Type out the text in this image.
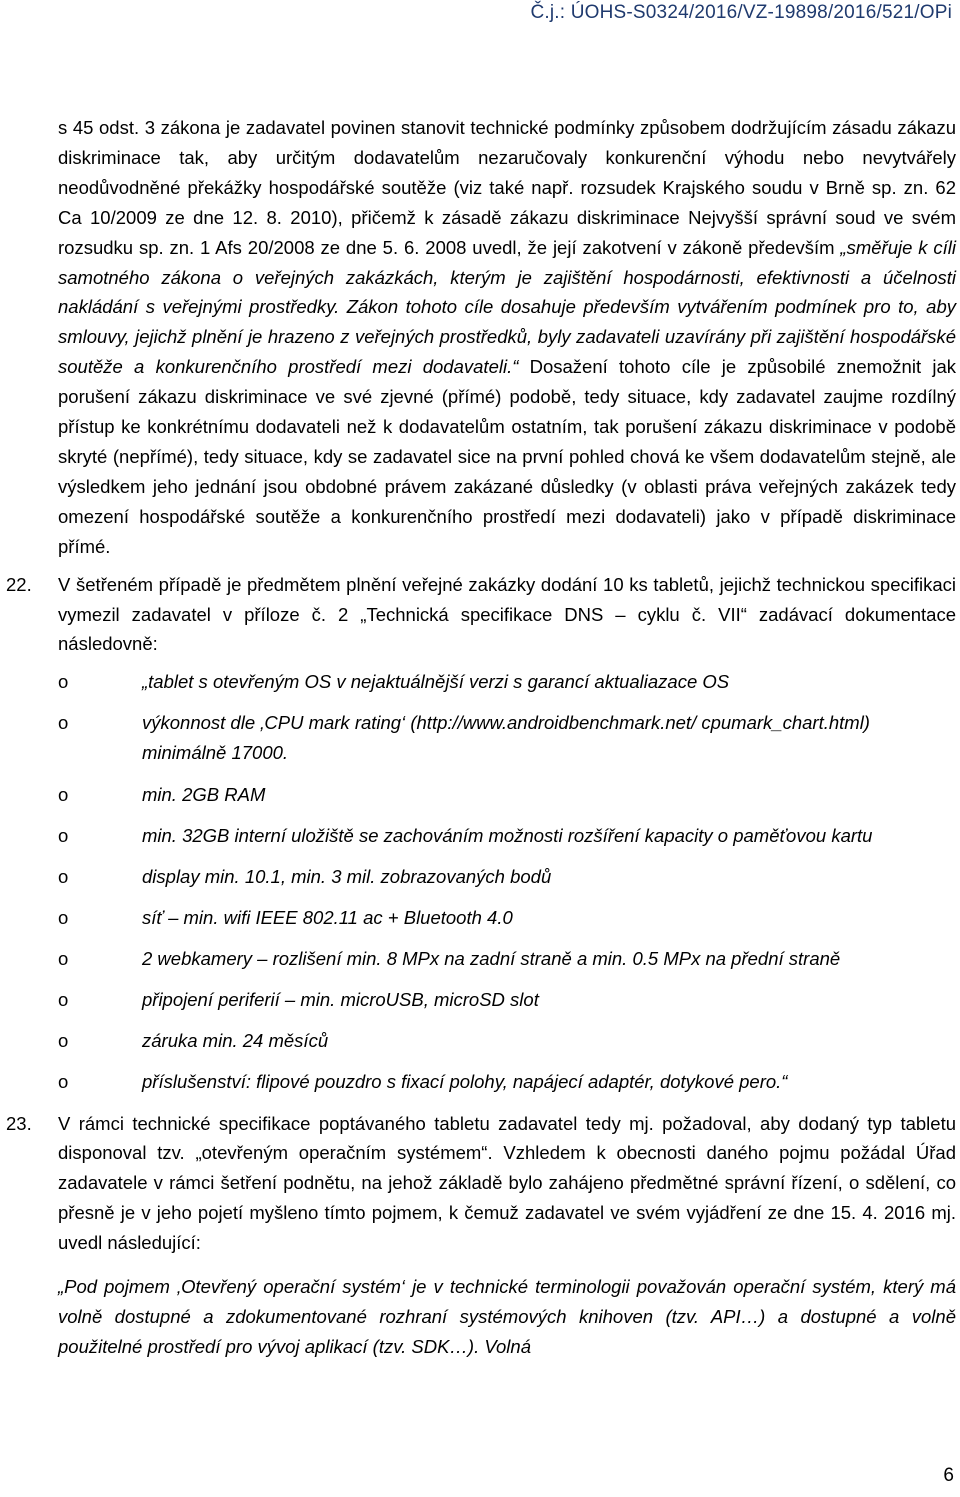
Č.j.: ÚOHS-S0324/2016/VZ-19898/2016/521/OPi

s 45 odst. 3 zákona je zadavatel povinen stanovit technické podmínky způsobem dodržujícím zásadu zákazu diskriminace tak, aby určitým dodavatelům nezaručovaly konkurenční výhodu nebo nevytvářely neodůvodněné překážky hospodářské soutěže (viz také např. rozsudek Krajského soudu v Brně sp. zn. 62 Ca 10/2009 ze dne 12. 8. 2010), přičemž k zásadě zákazu diskriminace Nejvyšší správní soud ve svém rozsudku sp. zn. 1 Afs 20/2008 ze dne 5. 6. 2008 uvedl, že její zakotvení v zákoně především „směřuje k cíli samotného zákona o veřejných zakázkách, kterým je zajištění hospodárnosti, efektivnosti a účelnosti nakládání s veřejnými prostředky. Zákon tohoto cíle dosahuje především vytvářením podmínek pro to, aby smlouvy, jejichž plnění je hrazeno z veřejných prostředků, byly zadavateli uzavírány při zajištění hospodářské soutěže a konkurenčního prostředí mezi dodavateli.“ Dosažení tohoto cíle je způsobilé znemožnit jak porušení zákazu diskriminace ve své zjevné (přímé) podobě, tedy situace, kdy zadavatel zaujme rozdílný přístup ke konkrétnímu dodavateli než k dodavatelům ostatním, tak porušení zákazu diskriminace v podobě skryté (nepřímé), tedy situace, kdy se zadavatel sice na první pohled chová ke všem dodavatelům stejně, ale výsledkem jeho jednání jsou obdobné právem zakázané důsledky (v oblasti práva veřejných zakázek tedy omezení hospodářské soutěže a konkurenčního prostředí mezi dodavateli) jako v případě diskriminace přímé.

22. V šetřeném případě je předmětem plnění veřejné zakázky dodání 10 ks tabletů, jejichž technickou specifikaci vymezil zadavatel v příloze č. 2 „Technická specifikace DNS – cyklu č. VII“ zadávací dokumentace následovně:
o	„tablet s otevřeným OS v nejaktuálnější verzi s garancí aktualiazace OS
o	výkonnost dle ‚CPU mark rating‘ (http://www.androidbenchmark.net/ cpumark_chart.html) minimálně 17000.
o	min. 2GB RAM
o	min. 32GB interní uložiště se zachováním možnosti rozšíření kapacity o paměťovou kartu
o	display min. 10.1, min. 3 mil. zobrazovaných bodů
o	síť – min. wifi IEEE 802.11 ac + Bluetooth 4.0
o	2 webkamery – rozlišení min. 8 MPx na zadní straně a min. 0.5 MPx na přední straně
o	připojení periferií – min. microUSB, microSD slot
o	záruka min. 24 měsíců
o	příslušenství: flipové pouzdro s fixací polohy, napájecí adaptér, dotykové pero.“
23. V rámci technické specifikace poptávaného tabletu zadavatel tedy mj. požadoval, aby dodaný typ tabletu disponoval tzv. „otevřeným operačním systémem“. Vzhledem k obecnosti daného pojmu požádal Úřad zadavatele v rámci šetření podnětu, na jehož základě bylo zahájeno předmětné správní řízení, o sdělení, co přesně je v jeho pojetí myšleno tímto pojmem, k čemuž zadavatel ve svém vyjádření ze dne 15. 4. 2016 mj. uvedl následující:

„Pod pojmem ‚Otevřený operační systém‘ je v technické terminologii považován operační systém, který má volně dostupné a zdokumentované rozhraní systémových knihoven (tzv. API…) a dostupné a volně použitelné prostředí pro vývoj aplikací (tzv. SDK…). Volná

6
